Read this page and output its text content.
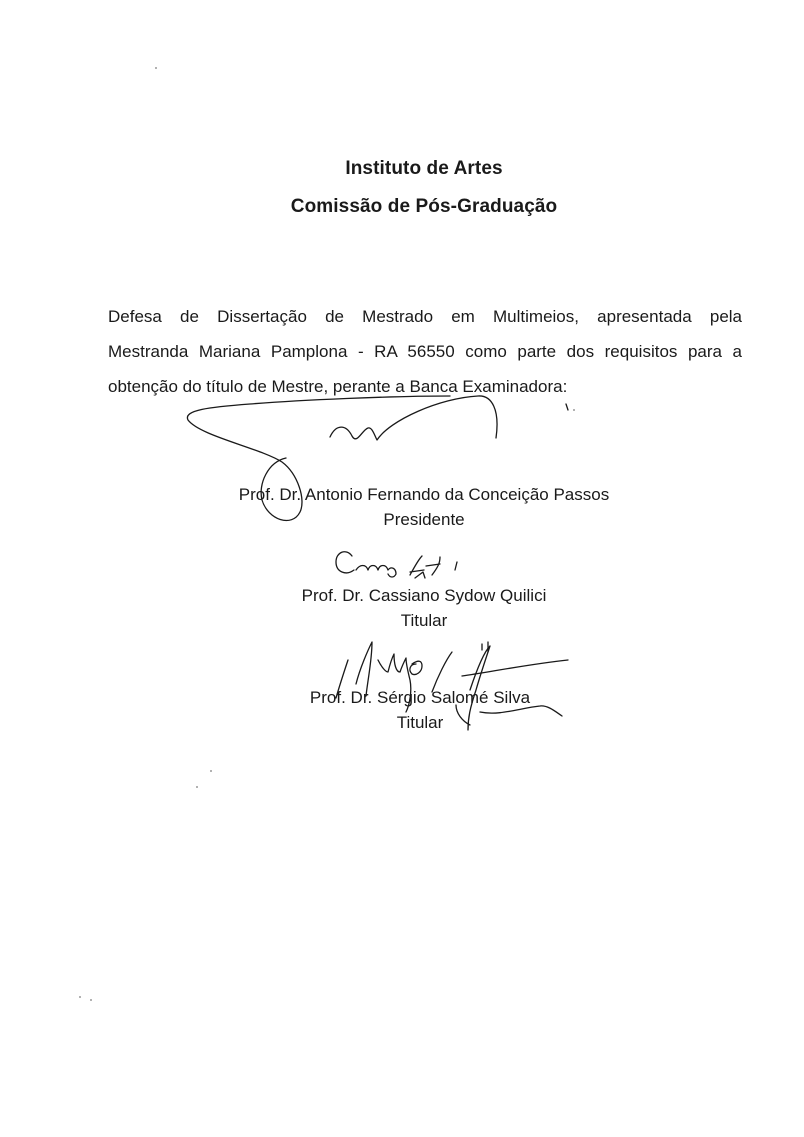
Instituto de Artes
Comissão de Pós-Graduação
Defesa de Dissertação de Mestrado em Multimeios, apresentada pela
Mestranda Mariana Pamplona - RA 56550 como parte dos requisitos para a
obtenção do título de Mestre, perante a Banca Examinadora:
Prof. Dr. Antonio Fernando da Conceição Passos
Presidente
Prof. Dr. Cassiano Sydow Quilici
Titular
Prof. Dr. Sérgio Salomé Silva
Titular
